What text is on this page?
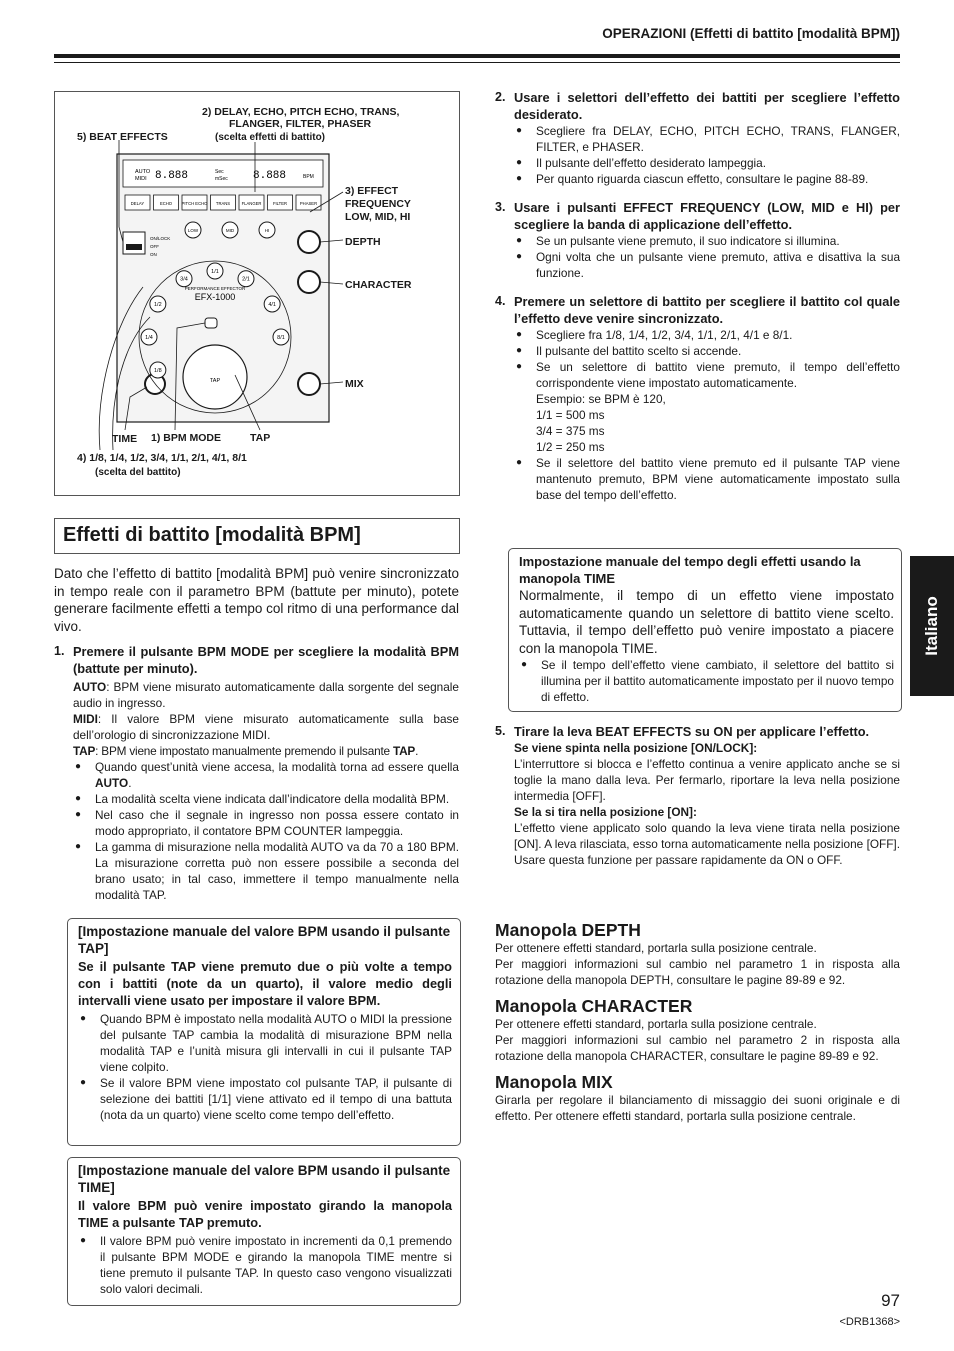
OPERAZIONI (Effetti di battito [modalità BPM])
2) DELAY, ECHO, PITCH ECHO, TRANS,
FLANGER, FILTER, PHASER
(scelta effetti di battito)
5) BEAT EFFECTS
3) EFFECT
FREQUENCY
LOW, MID, HI
DEPTH
CHARACTER
MIX
TIME 1) BPM MODE	TAP
4) 1/8, 1/4, 1/2, 3/4, 1/1, 2/1, 4/1, 8/1
(scelta del battito)
AUTO
MIDI 8.888	Sec
mSec 8.888	BPM
DELAY	ECHO PITCH ECHO TRANS	FLANGER	FILTER	PHASER
ON/LOCK
OFF
ON
LOW	MID	HI
1/8
1/4
1/2
3/4
1/1
2/1
4/1
8/1
PERFORMANCE EFFECTOR
EFX-1000
TAP
Effetti di battito [modalità BPM]

Dato che l’effetto di battito [modalità BPM] può venire sincronizzato in tempo reale con il parametro BPM (battute per minuto), potete generare facilmente effetti a tempo col ritmo di una performance dal vivo.

1. Premere il pulsante BPM MODE per scegliere la modalità BPM (battute per minuto).
AUTO: BPM viene misurato automaticamente dalla sorgente del segnale audio in ingresso.
MIDI: Il valore BPM viene misurato automaticamente sulla base dell’orologio di sincronizzazione MIDI.
TAP: BPM viene impostato manualmente premendo il pulsante TAP.
● Quando quest’unità viene accesa, la modalità torna ad essere quella AUTO.
● La modalità scelta viene indicata dall’indicatore della modalità BPM.
● Nel caso che il segnale in ingresso non possa essere contato in modo appropriato, il contatore BPM COUNTER lampeggia.
● La gamma di misurazione nella modalità AUTO va da 70 a 180 BPM. La misurazione corretta può non essere possibile a seconda del brano usato; in tal caso, immettere il tempo manualmente nella modalità TAP.
[Impostazione manuale del valore BPM usando il pulsante TAP]
Se il pulsante TAP viene premuto due o più volte a tempo con i battiti (note da un quarto), il valore medio degli intervalli viene usato per impostare il valore BPM.
● Quando BPM è impostato nella modalità AUTO o MIDI la pressione del pulsante TAP cambia la modalità di misurazione BPM nella modalità TAP e l’unità misura gli intervalli in cui il pulsante TAP viene colpito.
● Se il valore BPM viene impostato col pulsante TAP, il pulsante di selezione dei battiti [1/1] viene attivato ed il tempo di una battuta (nota da un quarto) viene scelto come tempo dell’effetto.
[Impostazione manuale del valore BPM usando il pulsante TIME]
Il valore BPM può venire impostato girando la manopola TIME a pulsante TAP premuto.
● Il valore BPM può venire impostato in incrementi da 0,1 premendo il pulsante BPM MODE e girando la manopola TIME mentre si tiene premuto il pulsante TAP. In questo caso vengono visualizzati solo valori decimali.
2. Usare i selettori dell’effetto dei battiti per scegliere l’effetto desiderato.
● Scegliere fra DELAY, ECHO, PITCH ECHO, TRANS, FLANGER, FILTER, e PHASER.
● Il pulsante dell’effetto desiderato lampeggia.
● Per quanto riguarda ciascun effetto, consultare le pagine 88-89.
3. Usare i pulsanti EFFECT FREQUENCY (LOW, MID e HI) per scegliere la banda di applicazione dell’effetto.
● Se un pulsante viene premuto, il suo indicatore si illumina.
● Ogni volta che un pulsante viene premuto, attiva e disattiva la sua funzione.
4. Premere un selettore di battito per scegliere il battito col quale l’effetto deve venire sincronizzato.
● Scegliere fra 1/8, 1/4, 1/2, 3/4, 1/1, 2/1, 4/1 e 8/1.
● Il pulsante del battito scelto si accende.
● Se un selettore di battito viene premuto, il tempo dell’effetto corrispondente viene impostato automaticamente.
Esempio: se BPM è 120,
1/1 = 500 ms
3/4 = 375 ms
1/2 = 250 ms
● Se il selettore del battito viene premuto ed il pulsante TAP viene mantenuto premuto, BPM viene automaticamente impostato sulla base del tempo dell’effetto.
Impostazione manuale del tempo degli effetti usando la manopola TIME
Normalmente, il tempo di un effetto viene impostato automaticamente quando un selettore di battito viene scelto. Tuttavia, il tempo dell’effetto può venire impostato a piacere con la manopola TIME.
● Se il tempo dell’effetto viene cambiato, il selettore del battito si illumina per il battito automaticamente impostato per il nuovo tempo di effetto.
5. Tirare la leva BEAT EFFECTS su ON per applicare l’effetto.
Se viene spinta nella posizione [ON/LOCK]:
L’interruttore si blocca e l’effetto continua a venire applicato anche se si toglie la mano dalla leva. Per fermarlo, riportare la leva nella posizione intermedia [OFF].
Se la si tira nella posizione [ON]:
L’effetto viene applicato solo quando la leva viene tirata nella posizione [ON]. A leva rilasciata, esso torna automaticamente nella posizione [OFF]. Usare questa funzione per passare rapidamente da ON o OFF.
Manopola DEPTH
Per ottenere effetti standard, portarla sulla posizione centrale.
Per maggiori informazioni sul cambio nel parametro 1 in risposta alla rotazione della manopola DEPTH, consultare le pagine 89-89 e 92.
Manopola CHARACTER
Per ottenere effetti standard, portarla sulla posizione centrale.
Per maggiori informazioni sul cambio nel parametro 2 in risposta alla rotazione della manopola CHARACTER, consultare le pagine 89-89 e 92.
Manopola MIX
Girarla per regolare il bilanciamento di missaggio dei suoni originale e di effetto. Per ottenere effetti standard, portarla sulla posizione centrale.
Italiano
97
<DRB1368>
